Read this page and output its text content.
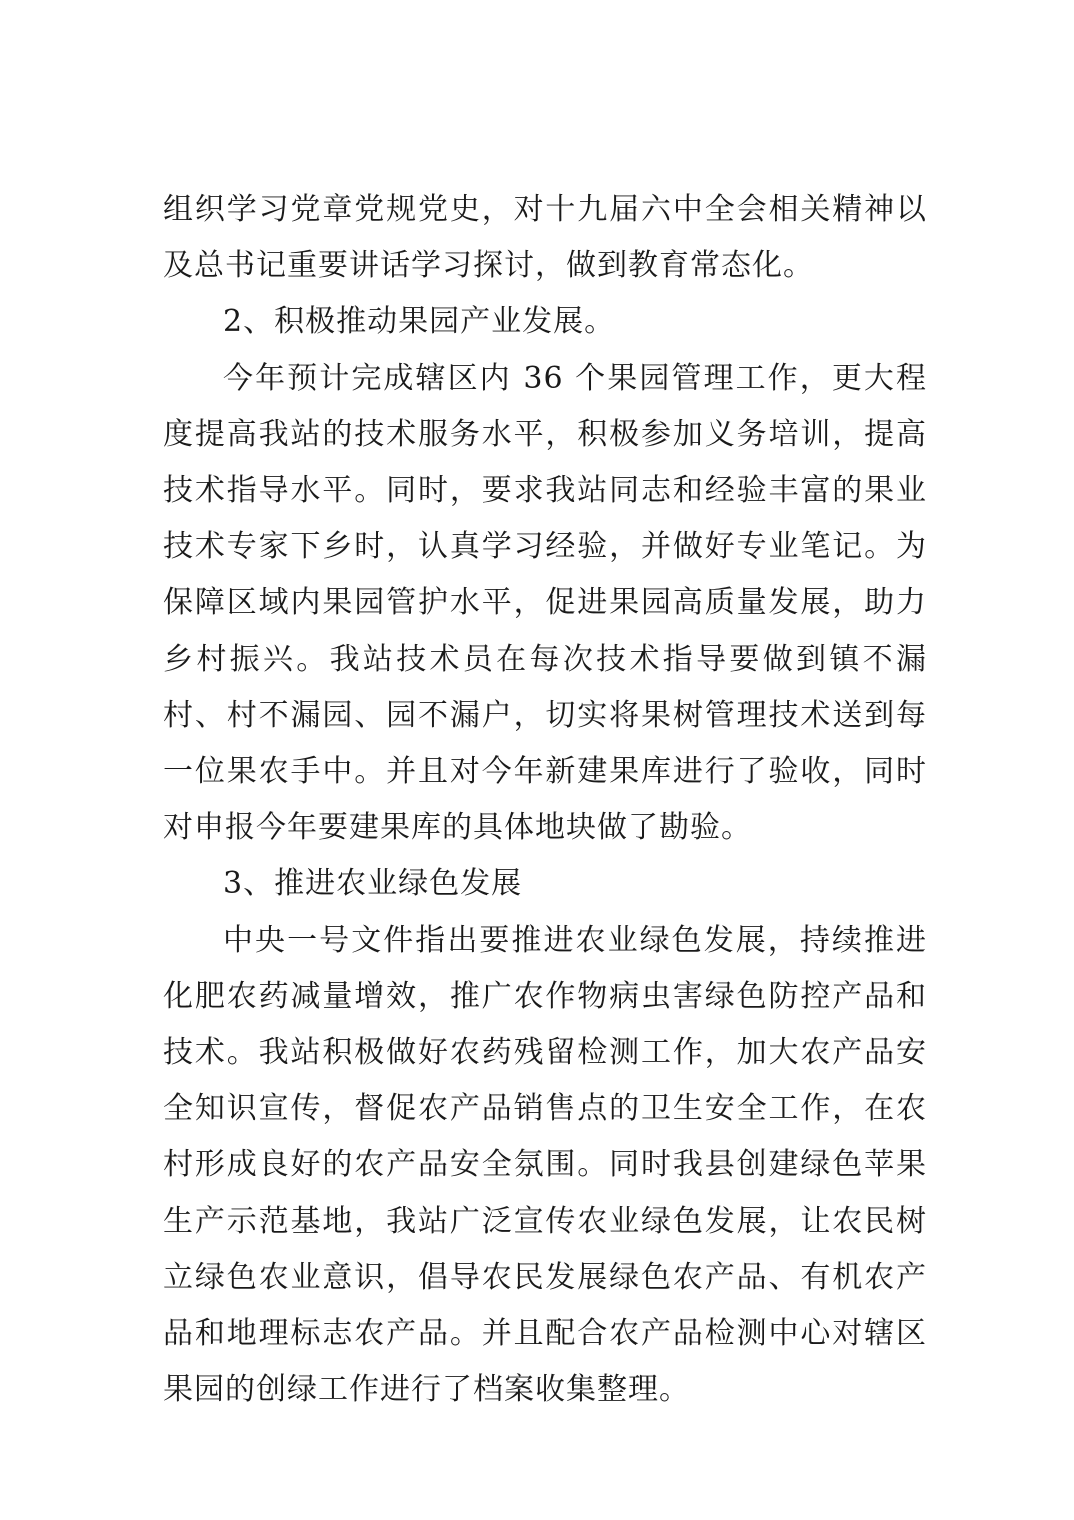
组织学习党章党规党史，对十九届六中全会相关精神以及总书记重要讲话学习探讨，做到教育常态化。

2、积极推动果园产业发展。

今年预计完成辖区内 36 个果园管理工作，更大程度提高我站的技术服务水平，积极参加义务培训，提高技术指导水平。同时，要求我站同志和经验丰富的果业技术专家下乡时，认真学习经验，并做好专业笔记。为保障区域内果园管护水平，促进果园高质量发展，助力乡村振兴。我站技术员在每次技术指导要做到镇不漏村、村不漏园、园不漏户，切实将果树管理技术送到每一位果农手中。并且对今年新建果库进行了验收，同时对申报今年要建果库的具体地块做了勘验。

3、推进农业绿色发展

中央一号文件指出要推进农业绿色发展，持续推进化肥农药减量增效，推广农作物病虫害绿色防控产品和技术。我站积极做好农药残留检测工作，加大农产品安全知识宣传，督促农产品销售点的卫生安全工作，在农村形成良好的农产品安全氛围。同时我县创建绿色苹果生产示范基地，我站广泛宣传农业绿色发展，让农民树立绿色农业意识，倡导农民发展绿色农产品、有机农产品和地理标志农产品。并且配合农产品检测中心对辖区果园的创绿工作进行了档案收集整理。
